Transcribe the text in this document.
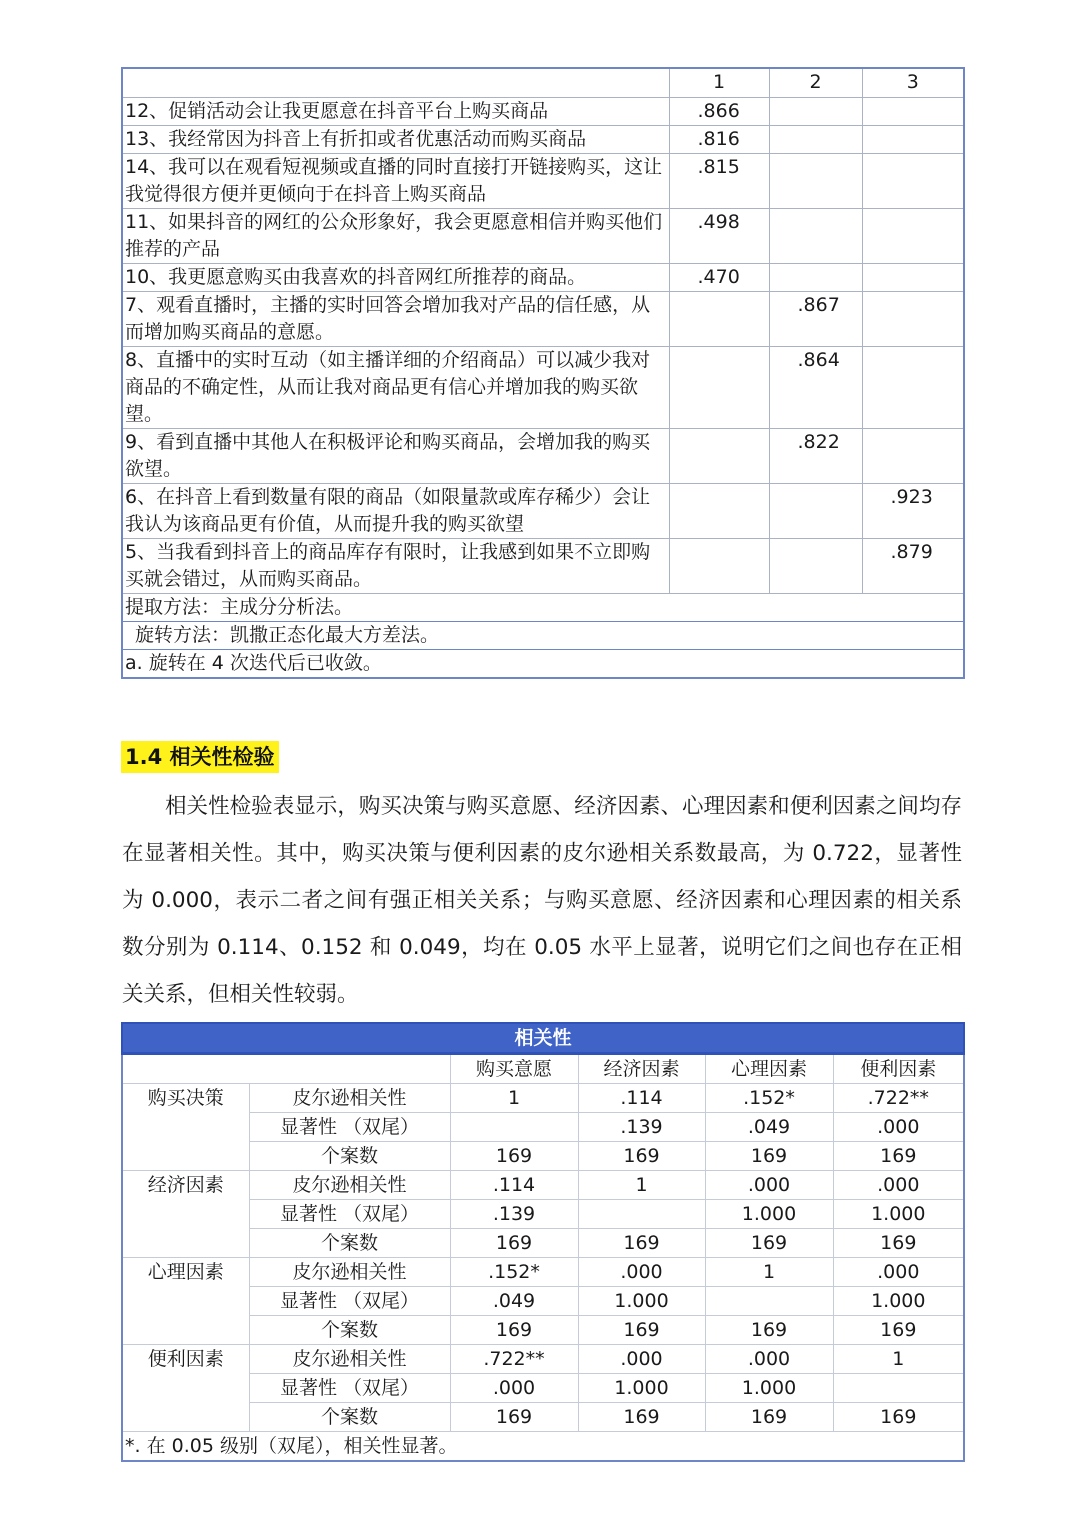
	1	2	3
12、促销活动会让我更愿意在抖音平台上购买商品	.866		
13、我经常因为抖音上有折扣或者优惠活动而购买商品	.816		
14、我可以在观看短视频或直播的同时直接打开链接购买，这让我觉得很方便并更倾向于在抖音上购买商品	.815		
11、如果抖音的网红的公众形象好，我会更愿意相信并购买他们推荐的产品	.498		
10、我更愿意购买由我喜欢的抖音网红所推荐的商品。	.470		
7、观看直播时，主播的实时回答会增加我对产品的信任感，从而增加购买商品的意愿。		.867	
8、直播中的实时互动（如主播详细的介绍商品）可以减少我对商品的不确定性，从而让我对商品更有信心并增加我的购买欲望。		.864	
9、看到直播中其他人在积极评论和购买商品，会增加我的购买欲望。		.822	
6、在抖音上看到数量有限的商品（如限量款或库存稀少）会让我认为该商品更有价值，从而提升我的购买欲望			.923
5、当我看到抖音上的商品库存有限时，让我感到如果不立即购买就会错过，从而购买商品。			.879
提取方法：主成分分析法。			
旋转方法：凯撒正态化最大方差法。			
a. 旋转在 4 次迭代后已收敛。			
1.4 相关性检验

相关性检验表显示，购买决策与购买意愿、经济因素、心理因素和便利因素之间均存在显著相关性。其中，购买决策与便利因素的皮尔逊相关系数最高，为 0.722，显著性为 0.000，表示二者之间有强正相关关系；与购买意愿、经济因素和心理因素的相关系数分别为 0.114、0.152 和 0.049，均在 0.05 水平上显著，说明它们之间也存在正相关关系，但相关性较弱。

相关性					
		购买意愿	经济因素	心理因素	便利因素
购买决策	皮尔逊相关性	1	.114	.152*	.722**
	显著性 （双尾）		.139	.049	.000
	个案数	169	169	169	169
经济因素	皮尔逊相关性	.114	1	.000	.000
	显著性 （双尾）	.139		1.000	1.000
	个案数	169	169	169	169
心理因素	皮尔逊相关性	.152*	.000	1	.000
	显著性 （双尾）	.049	1.000		1.000
	个案数	169	169	169	169
便利因素	皮尔逊相关性	.722**	.000	.000	1
	显著性 （双尾）	.000	1.000	1.000	
	个案数	169	169	169	169
*. 在 0.05 级别（双尾），相关性显著。					
